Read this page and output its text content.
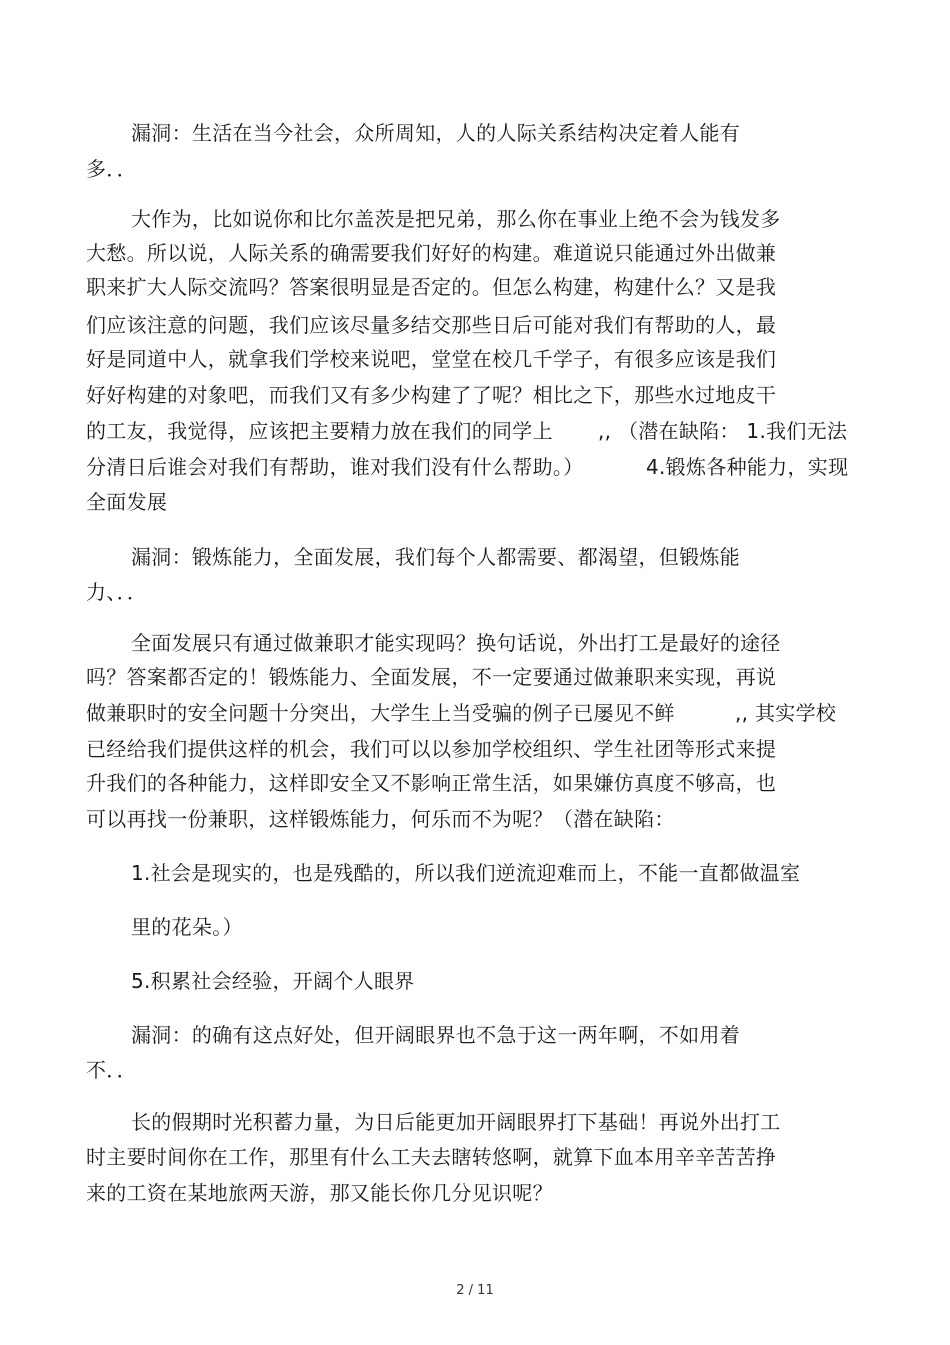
漏洞：生活在当今社会，众所周知，人的人际关系结构决定着人能有
多．．
大作为，比如说你和比尔盖茨是把兄弟，那么你在事业上绝不会为钱发多
大愁。所以说，人际关系的确需要我们好好的构建。难道说只能通过外出做兼
职来扩大人际交流吗？答案很明显是否定的。但怎么构建，构建什么？又是我
们应该注意的问题，我们应该尽量多结交那些日后可能对我们有帮助的人，最
好是同道中人，就拿我们学校来说吧，堂堂在校几千学子，有很多应该是我们
好好构建的对象吧，而我们又有多少构建了了呢？相比之下，那些水过地皮干
的工友，我觉得，应该把主要精力放在我们的同学上 ,, （潜在缺陷： 1.我们无法
分清日后谁会对我们有帮助，谁对我们没有什么帮助。）	4.锻炼各种能力，实现
全面发展
漏洞：锻炼能力，全面发展，我们每个人都需要、都渴望，但锻炼能
力、．．
全面发展只有通过做兼职才能实现吗？换句话说，外出打工是最好的途径
吗？答案都否定的！锻炼能力、全面发展，不一定要通过做兼职来实现，再说
做兼职时的安全问题十分突出，大学生上当受骗的例子已屡见不鲜	,, 其实学校
已经给我们提供这样的机会，我们可以以参加学校组织、学生社团等形式来提
升我们的各种能力，这样即安全又不影响正常生活，如果嫌仿真度不够高，也
可以再找一份兼职，这样锻炼能力，何乐而不为呢？（潜在缺陷：
1.社会是现实的，也是残酷的，所以我们逆流迎难而上，不能一直都做温室
里的花朵。）
5.积累社会经验，开阔个人眼界
漏洞：的确有这点好处，但开阔眼界也不急于这一两年啊，不如用着
不．．
长的假期时光积蓄力量，为日后能更加开阔眼界打下基础！再说外出打工
时主要时间你在工作，那里有什么工夫去瞎转悠啊，就算下血本用辛辛苦苦挣
来的工资在某地旅两天游，那又能长你几分见识呢？
2 / 11
